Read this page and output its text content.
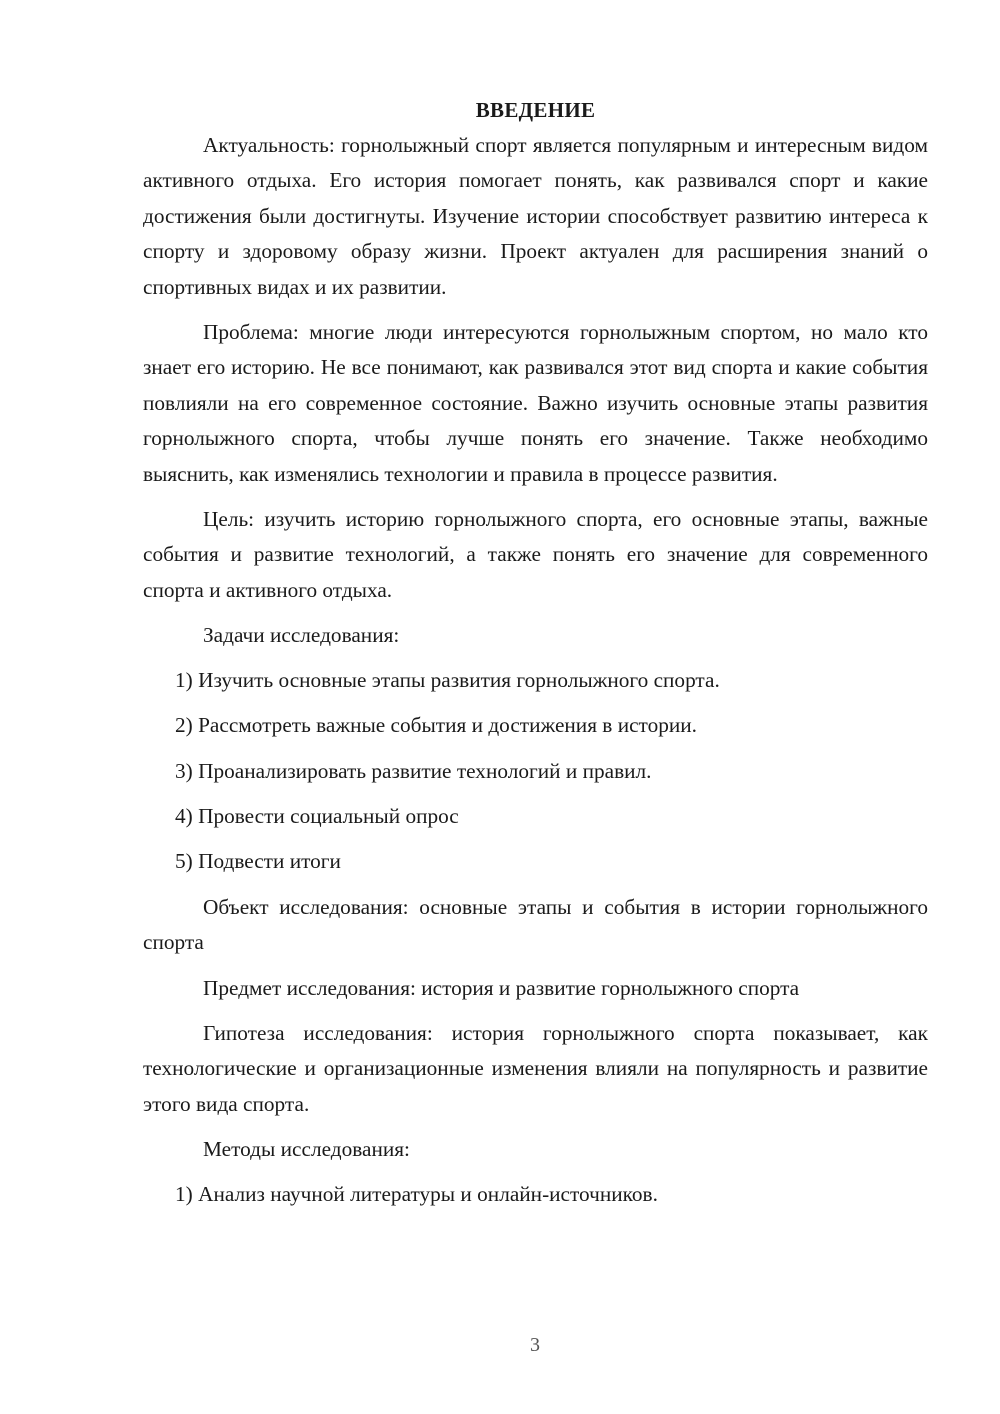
ВВЕДЕНИЕ

Актуальность: горнолыжный спорт является популярным и интересным видом активного отдыха. Его история помогает понять, как развивался спорт и какие достижения были достигнуты. Изучение истории способствует развитию интереса к спорту и здоровому образу жизни. Проект актуален для расширения знаний о спортивных видах и их развитии.

Проблема: многие люди интересуются горнолыжным спортом, но мало кто знает его историю. Не все понимают, как развивался этот вид спорта и какие события повлияли на его современное состояние. Важно изучить основные этапы развития горнолыжного спорта, чтобы лучше понять его значение. Также необходимо выяснить, как изменялись технологии и правила в процессе развития.

Цель: изучить историю горнолыжного спорта, его основные этапы, важные события и развитие технологий, а также понять его значение для современного спорта и активного отдыха.

Задачи исследования:

1) Изучить основные этапы развития горнолыжного спорта.
2) Рассмотреть важные события и достижения в истории.
3) Проанализировать развитие технологий и правил.
4) Провести социальный опрос
5) Подвести итоги

Объект исследования: основные этапы и события в истории горнолыжного спорта

Предмет исследования: история и развитие горнолыжного спорта

Гипотеза исследования: история горнолыжного спорта показывает, как технологические и организационные изменения влияли на популярность и развитие этого вида спорта.

Методы исследования:

1) Анализ научной литературы и онлайн-источников.
3
